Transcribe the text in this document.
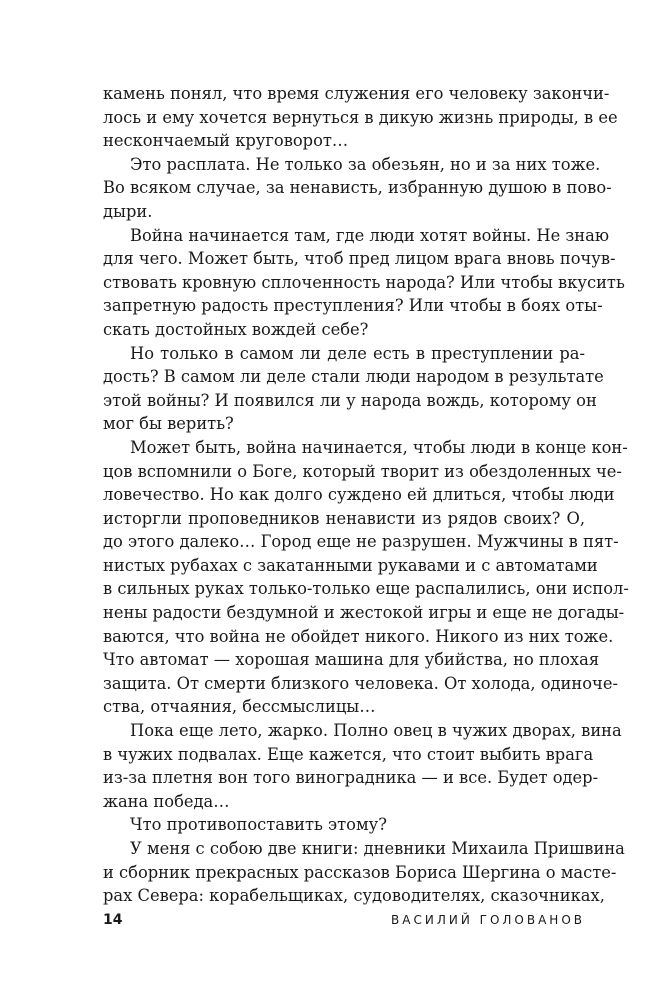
камень понял, что время служения его человеку закончи-
лось и ему хочется вернуться в дикую жизнь природы, в ее
нескончаемый круговорот…
Это расплата. Не только за обезьян, но и за них тоже.
Во всяком случае, за ненависть, избранную душою в пово-
дыри.
Война начинается там, где люди хотят войны. Не знаю
для чего. Может быть, чтоб пред лицом врага вновь почув-
ствовать кровную сплоченность народа? Или чтобы вкусить
запретную радость преступления? Или чтобы в боях оты-
скать достойных вождей себе?
Но только в самом ли деле есть в преступлении ра-
дость? В самом ли деле стали люди народом в результате
этой войны? И появился ли у народа вождь, которому он
мог бы верить?
Может быть, война начинается, чтобы люди в конце кон-
цов вспомнили о Боге, который творит из обездоленных че-
ловечество. Но как долго суждено ей длиться, чтобы люди
исторгли проповедников ненависти из рядов своих? О,
до этого далеко… Город еще не разрушен. Мужчины в пят-
нистых рубахах с закатанными рукавами и с автоматами
в сильных руках только-только еще распалились, они испол-
нены радости бездумной и жестокой игры и еще не догады-
ваются, что война не обойдет никого. Никого из них тоже.
Что автомат — хорошая машина для убийства, но плохая
защита. От смерти близкого человека. От холода, одиноче-
ства, отчаяния, бессмыслицы…
Пока еще лето, жарко. Полно овец в чужих дворах, вина
в чужих подвалах. Еще кажется, что стоит выбить врага
из-за плетня вон того виноградника — и все. Будет одер-
жана победа…
Что противопоставить этому?
У меня с собою две книги: дневники Михаила Пришвина
и сборник прекрасных рассказов Бориса Шергина о масте-
рах Севера: корабельщиках, судоводителях, сказочниках,
14	ВАСИЛИЙ ГОЛОВАНОВ
